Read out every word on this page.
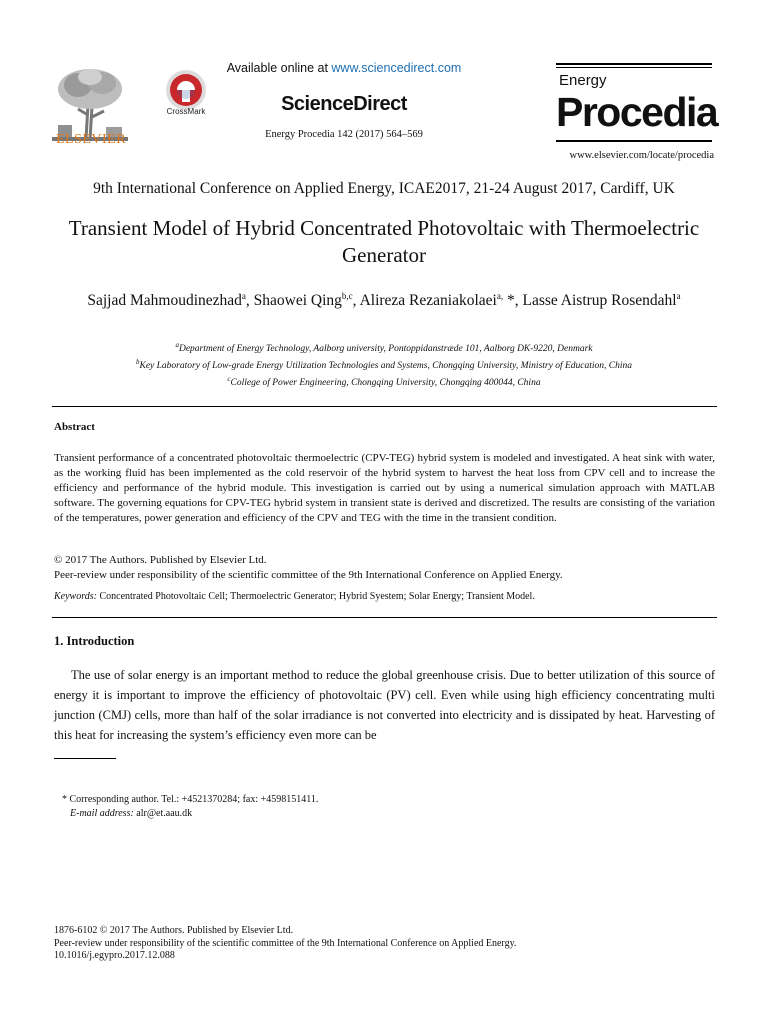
ELSEVIER
CrossMark
Available online at www.sciencedirect.com
ScienceDirect
Energy Procedia 142 (2017) 564–569
Energy
Procedia
www.elsevier.com/locate/procedia
9th International Conference on Applied Energy, ICAE2017, 21-24 August 2017, Cardiff, UK
Transient Model of Hybrid Concentrated Photovoltaic with Thermoelectric Generator
Sajjad Mahmoudinezhad$^a$, Shaowei Qing$^{b,c}$, Alireza Rezaniakolaei$^{a,}$ *, Lasse Aistrup Rosendahl$^a$
$^a$Department of Energy Technology, Aalborg university, Pontoppidanstræde 101, Aalborg DK-9220, Denmark
$^b$Key Laboratory of Low-grade Energy Utilization Technologies and Systems, Chongqing University, Ministry of Education, China
$^c$College of Power Engineering, Chongqing University, Chongqing 400044, China
Abstract
Transient performance of a concentrated photovoltaic thermoelectric (CPV-TEG) hybrid system is modeled and investigated. A heat sink with water, as the working fluid has been implemented as the cold reservoir of the hybrid system to harvest the heat loss from CPV cell and to increase the efficiency and performance of the hybrid module. This investigation is carried out by using a numerical simulation approach with MATLAB software. The governing equations for CPV-TEG hybrid system in transient state is derived and discretized. The results are consisting of the variation of the temperatures, power generation and efficiency of the CPV and TEG with the time in the transient condition.
© 2017 The Authors. Published by Elsevier Ltd.
Peer-review under responsibility of the scientific committee of the 9th International Conference on Applied Energy.
Keywords: Concentrated Photovoltaic Cell; Thermoelectric Generator; Hybrid Syestem; Solar Energy; Transient Model.
1. Introduction
The use of solar energy is an important method to reduce the global greenhouse crisis. Due to better utilization of this source of energy it is important to improve the efficiency of photovoltaic (PV) cell. Even while using high efficiency concentrating multi junction (CMJ) cells, more than half of the solar irradiance is not converted into electricity and is dissipated by heat. Harvesting of this heat for increasing the system’s efficiency even more can be
* Corresponding author. Tel.: +4521370284; fax: +4598151411.
E-mail address: alr@et.aau.dk
1876-6102 © 2017 The Authors. Published by Elsevier Ltd.
Peer-review under responsibility of the scientific committee of the 9th International Conference on Applied Energy.
10.1016/j.egypro.2017.12.088
